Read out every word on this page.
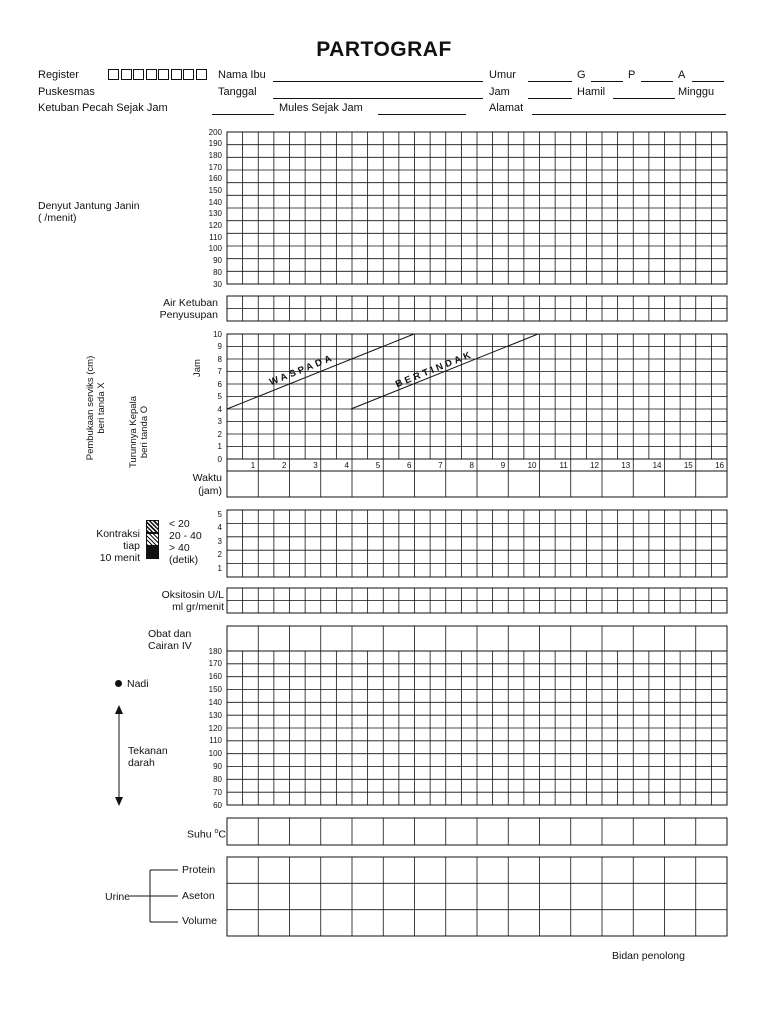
PARTOGRAF
Register	Nama Ibu	Umur	G	P	A
Puskesmas	Tanggal	Jam	Hamil	Minggu
Ketuban Pecah Sejak Jam	Mules Sejak Jam	Alamat
Denyut Jantung Janin
( /menit)
200
190
180
170
160
150
140
130
120
110
100
90
80
30
Air Ketuban
Penyusupan
Pembukaan serviks (cm) beri tanda X Turunnya Kepala beri tanda O
Jam
10
9
8
7
6
5
4
3
2
1
0
1	2	3	4	5	6	7	8	9	10	11	12	13	14	15	16
WASPADA	BERTINDAK
Waktu
(jam)
Kontraksi
tiap
10 menit
< 20
20 - 40
> 40
(detik)
5
4
3
2
1
Oksitosin U/L
ml gr/menit
Obat dan
Cairan IV
Nadi
Tekanan
darah
180
170
160
150
140
130
120
110
100
90
80
70
60
Suhu $^o$C
Urine
Protein
Aseton
Volume
Bidan penolong
